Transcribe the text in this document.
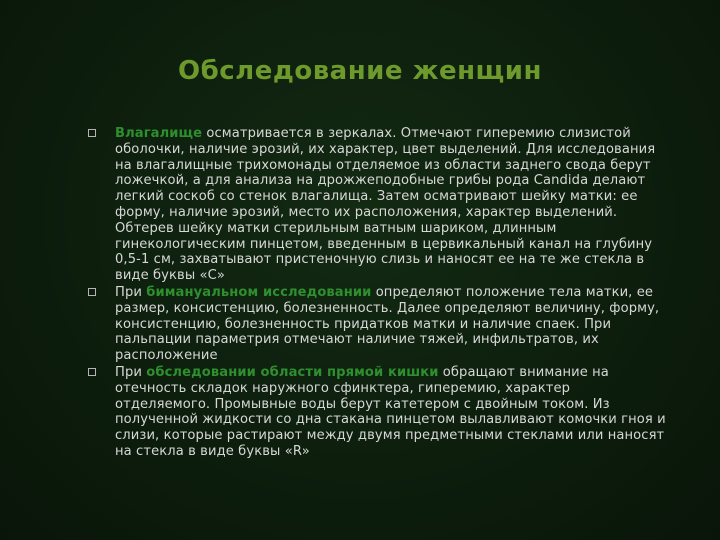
Обследование женщин
Влагалище осматривается в зеркалах. Отмечают гиперемию слизистой оболочки, наличие эрозий, их характер, цвет выделений. Для исследования на влагалищные трихомонады отделяемое из области заднего свода берут ложечкой, а для анализа на дрожжеподобные грибы рода Candida делают легкий соскоб со стенок влагалища. Затем осматривают шейку матки: ее форму, наличие эрозий, место их расположения, характер выделений. Обтерев шейку матки стерильным ватным шариком, длинным гинекологическим пинцетом, введенным в цервикальный канал на глубину 0,5-1 см, захватывают пристеночную слизь и наносят ее на те же стекла в виде буквы «С»
При бимануальном исследовании определяют положение тела матки, ее размер, консистенцию, болезненность. Далее определяют величину, форму, консистенцию, болезненность придатков матки и наличие спаек. При пальпации параметрия отмечают наличие тяжей, инфильтратов, их расположение
При обследовании области прямой кишки обращают внимание на отечность складок наружного сфинктера, гиперемию, характер отделяемого. Промывные воды берут катетером с двойным током. Из полученной жидкости со дна стакана пинцетом вылавливают комочки гноя и слизи, которые растирают между двумя предметными стеклами или наносят на стекла в виде буквы «R»
